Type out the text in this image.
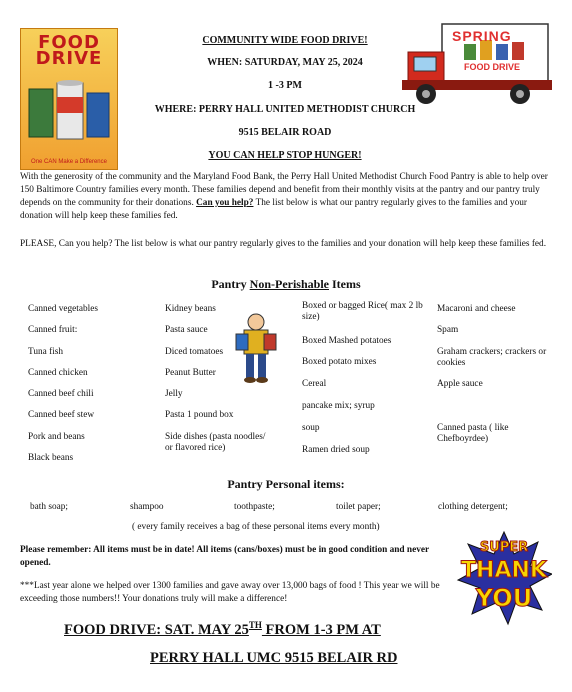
FOOD
DRIVE
One CAN Make a Difference
COMMUNITY WIDE FOOD DRIVE!
WHEN: SATURDAY, MAY 25, 2024
1 -3 PM
WHERE: PERRY HALL UNITED METHODIST CHURCH
9515 BELAIR ROAD
YOU CAN HELP STOP HUNGER!
SPRING
FOOD DRIVE
With the generosity of the community and the Maryland Food Bank, the Perry Hall United Methodist Church Food Pantry is able to help over 150 Baltimore Country families every month. These families depend and benefit from their monthly visits at the pantry and our pantry truly depends on the community for their donations. Can you help? The list below is what our pantry regularly gives to the families and your donation will help keep these families fed.
PLEASE, Can you help? The list below is what our pantry regularly gives to the families and your donation will help keep these families fed.
Pantry Non-Perishable Items
Canned vegetables
Canned fruit:
Tuna fish
Canned chicken
Canned beef chili
Canned beef stew
Pork and beans
Black beans
Kidney beans
Pasta sauce
Diced tomatoes
Peanut Butter
Jelly
Pasta 1 pound box
Side dishes (pasta noodles/ or flavored rice)
Boxed or bagged Rice( max 2 lb size)
Boxed Mashed potatoes
Boxed potato mixes
Cereal
pancake mix; syrup
soup
Ramen dried soup
Macaroni and cheese
Spam
Graham crackers; crackers or cookies
Apple sauce
Canned pasta ( like Chefboyrdee)
Pantry Personal items:
bath soap;	shampoo	toothpaste;	toilet paper;	clothing detergent;
( every family receives a bag of these personal items every month)
Please remember: All items must be in date! All items (cans/boxes) must be in good condition and never opened.
***Last year alone we helped over 1300 families and gave away over 13,000 bags of food ! This year we will be exceeding those numbers!! Your donations truly will make a difference!
SUPER
THANK
YOU
FOOD DRIVE: SAT. MAY 25TH FROM 1-3 PM AT
PERRY HALL UMC 9515 BELAIR RD
